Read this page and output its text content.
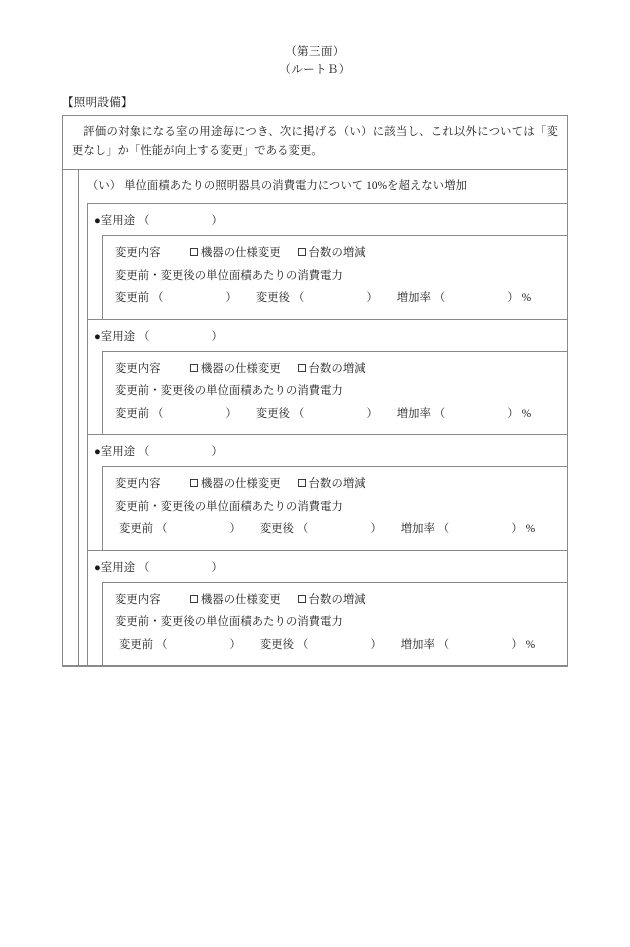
（第三面）
（ルートＢ）
【照明設備】

評価の対象になる室の用途毎につき、次に掲げる（い）に該当し、これ以外については「変更なし」か「性能が向上する変更」である変更。

（い） 単位面積あたりの照明器具の消費電力について 10%を超えない増加
●室用途 （	）
変更内容	機器の仕様変更 台数の増減
変更前・変更後の単位面積あたりの消費電力
変更前 （	） 変更後 （	） 増加率 （	） %
●室用途 （	）
変更内容	機器の仕様変更 台数の増減
変更前・変更後の単位面積あたりの消費電力
変更前 （	） 変更後 （	） 増加率 （	） %
●室用途 （	）
変更内容	機器の仕様変更 台数の増減
変更前・変更後の単位面積あたりの消費電力
変更前 （	） 変更後 （	） 増加率 （	） %
●室用途 （	）
変更内容	機器の仕様変更 台数の増減
変更前・変更後の単位面積あたりの消費電力
変更前 （	） 変更後 （	） 増加率 （	） %
